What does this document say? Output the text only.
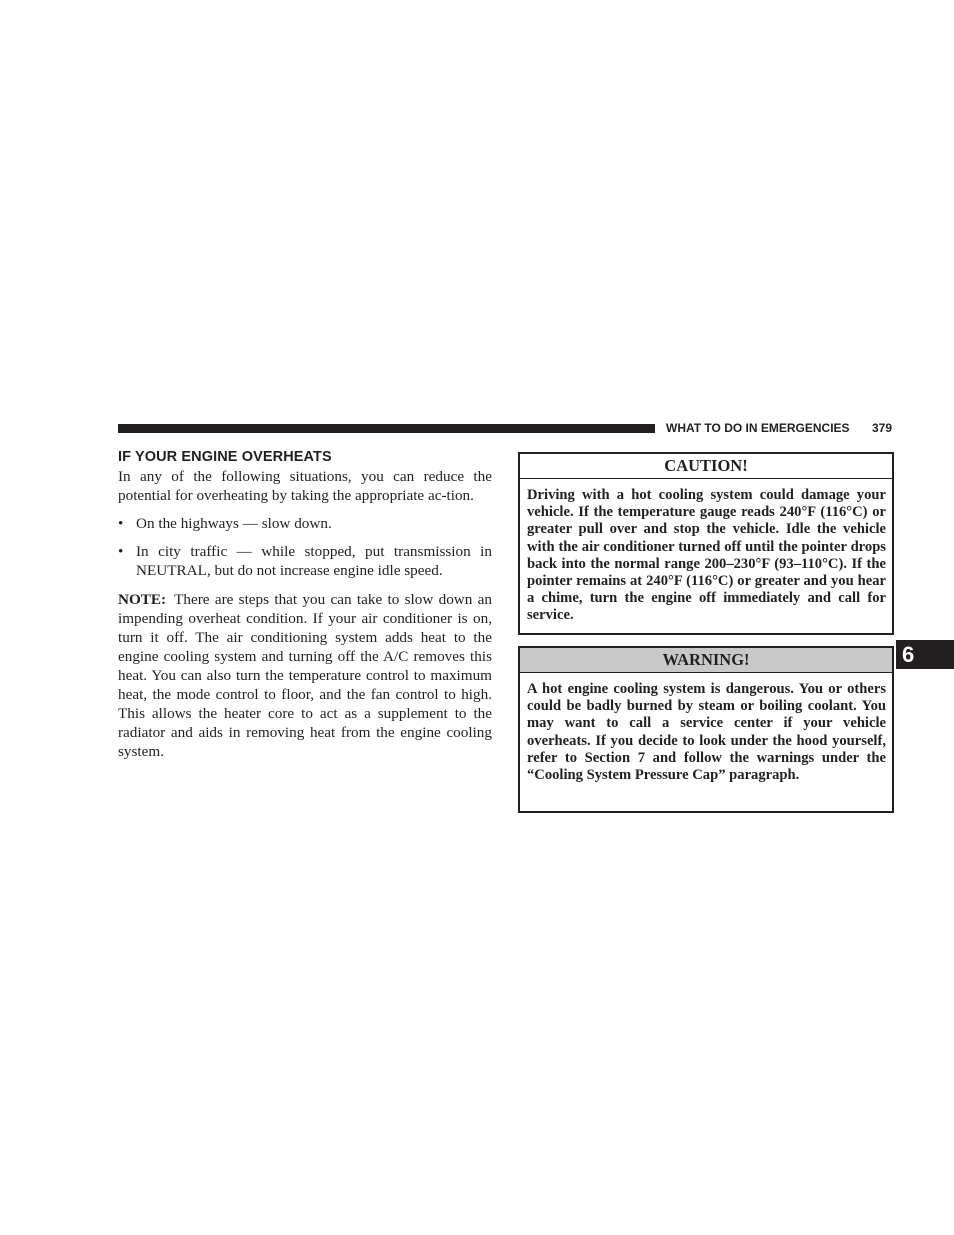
WHAT TO DO IN EMERGENCIES 379
IF YOUR ENGINE OVERHEATS

In any of the following situations, you can reduce the potential for overheating by taking the appropriate ac-tion.

• On the highways — slow down.
• In city traffic — while stopped, put transmission in NEUTRAL, but do not increase engine idle speed.

NOTE: There are steps that you can take to slow down an impending overheat condition. If your air conditioner is on, turn it off. The air conditioning system adds heat to the engine cooling system and turning off the A/C removes this heat. You can also turn the temperature control to maximum heat, the mode control to floor, and the fan control to high. This allows the heater core to act as a supplement to the radiator and aids in removing heat from the engine cooling system.

CAUTION!
Driving with a hot cooling system could damage your vehicle. If the temperature gauge reads 240°F (116°C) or greater pull over and stop the vehicle. Idle the vehicle with the air conditioner turned off until the pointer drops back into the normal range 200–230°F (93–110°C). If the pointer remains at 240°F (116°C) or greater and you hear a chime, turn the engine off immediately and call for service.
WARNING!
A hot engine cooling system is dangerous. You or others could be badly burned by steam or boiling coolant. You may want to call a service center if your vehicle overheats. If you decide to look under the hood yourself, refer to Section 7 and follow the warnings under the “Cooling System Pressure Cap” paragraph.
6
